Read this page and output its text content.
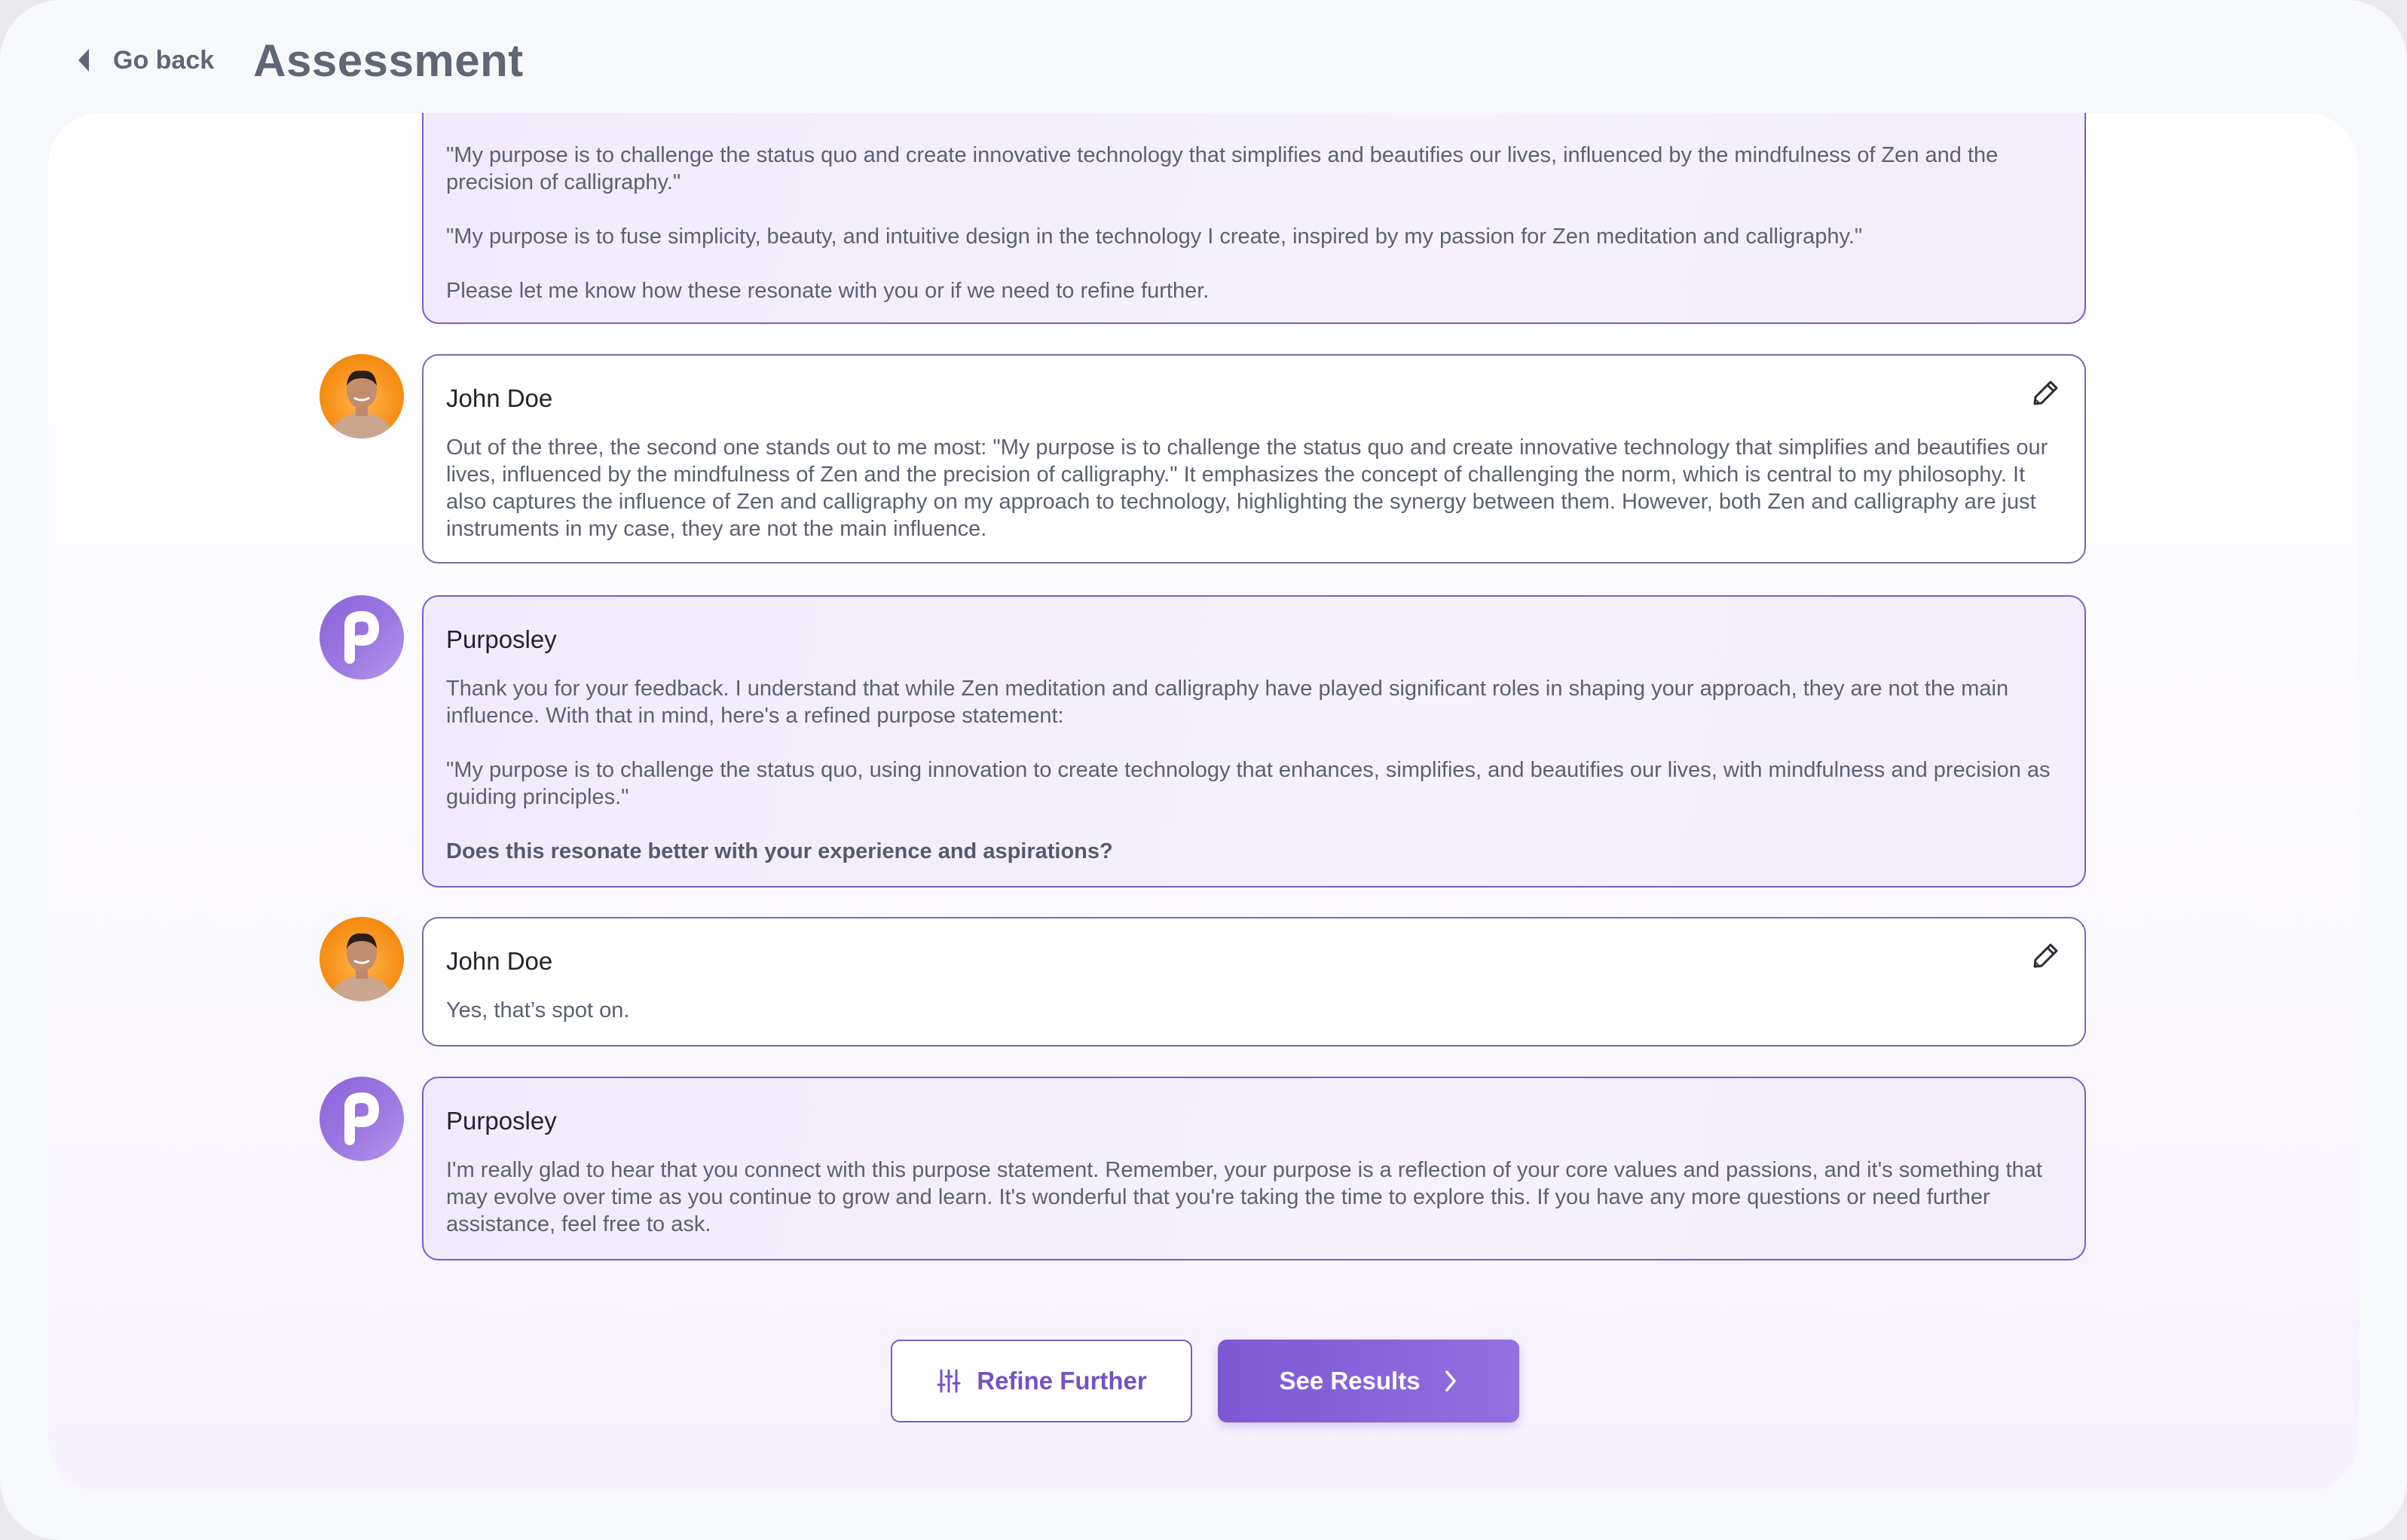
Go back Assessment

"My purpose is to challenge the status quo and create innovative technology that simplifies and beautifies our lives, influenced by the mindfulness of Zen and the precision of calligraphy."

"My purpose is to fuse simplicity, beauty, and intuitive design in the technology I create, inspired by my passion for Zen meditation and calligraphy."

Please let me know how these resonate with you or if we need to refine further.

John Doe

Out of the three, the second one stands out to me most: "My purpose is to challenge the status quo and create innovative technology that simplifies and beautifies our lives, influenced by the mindfulness of Zen and the precision of calligraphy." It emphasizes the concept of challenging the norm, which is central to my philosophy. It also captures the influence of Zen and calligraphy on my approach to technology, highlighting the synergy between them. However, both Zen and calligraphy are just instruments in my case, they are not the main influence.

Purposley

Thank you for your feedback. I understand that while Zen meditation and calligraphy have played significant roles in shaping your approach, they are not the main influence. With that in mind, here's a refined purpose statement:

"My purpose is to challenge the status quo, using innovation to create technology that enhances, simplifies, and beautifies our lives, with mindfulness and precision as guiding principles."

Does this resonate better with your experience and aspirations?

John Doe

Yes, that’s spot on.

Purposley

I'm really glad to hear that you connect with this purpose statement. Remember, your purpose is a reflection of your core values and passions, and it's something that may evolve over time as you continue to grow and learn. It's wonderful that you're taking the time to explore this. If you have any more questions or need further assistance, feel free to ask.

Refine Further	See Results
